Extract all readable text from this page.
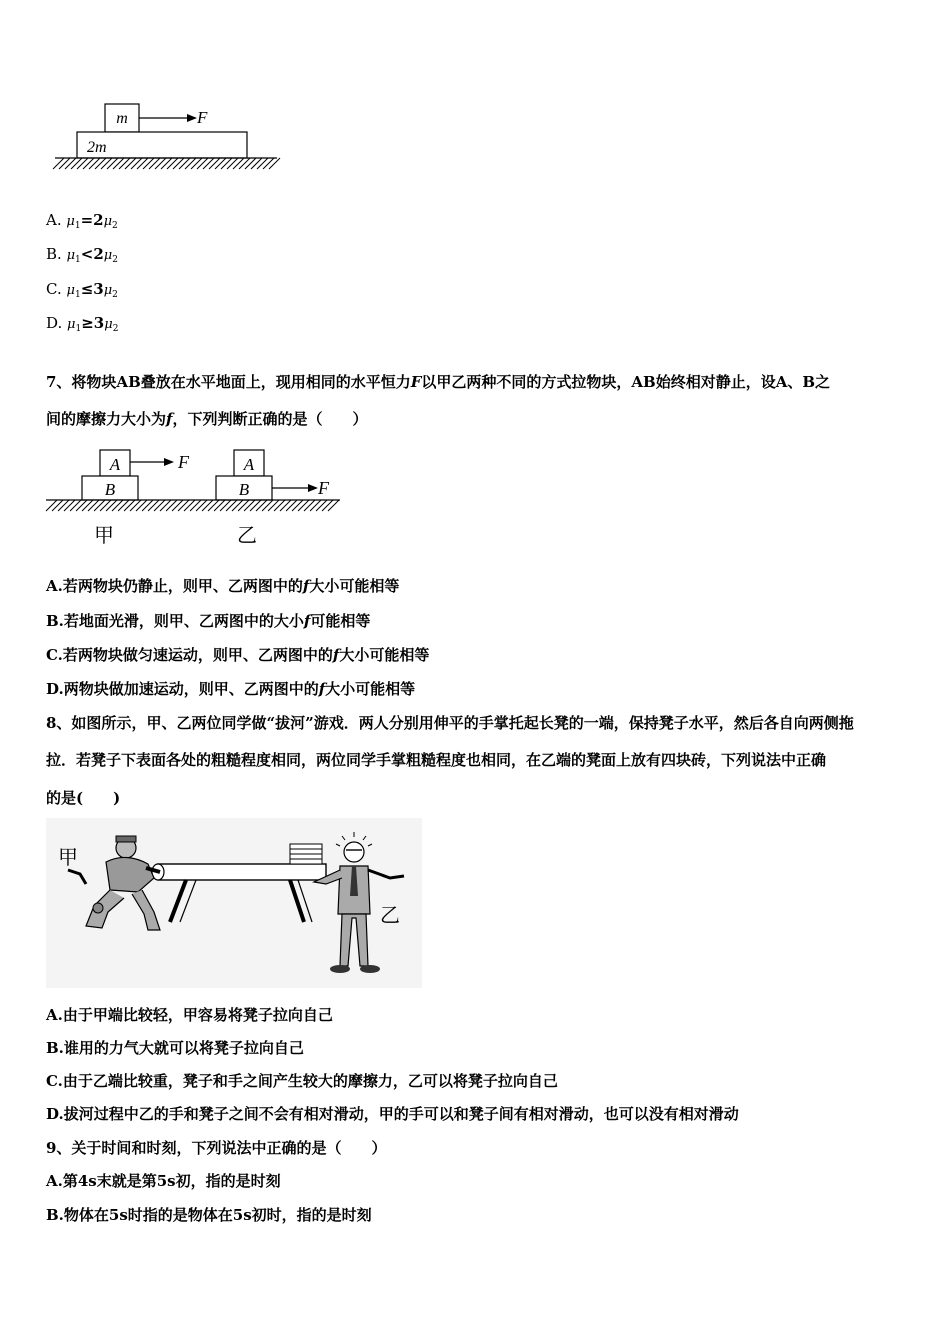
m	F
2m
A. $\mu_1=2\mu_2$
B. $\mu_1<2\mu_2$
C. $\mu_1\le 3\mu_2$
D. $\mu_1\ge 3\mu_2$
7、将物块AB叠放在水平地面上，现用相同的水平恒力F以甲乙两种不同的方式拉物块，AB始终相对静止，设A、B之
间的摩擦力大小为f，下列判断正确的是（　　）
A	F
B
A
B	F
甲	乙
A.若两物块仍静止，则甲、乙两图中的f大小可能相等
B.若地面光滑，则甲、乙两图中的大小f可能相等
C.若两物块做匀速运动，则甲、乙两图中的f大小可能相等
D.两物块做加速运动，则甲、乙两图中的f大小可能相等
8、如图所示，甲、乙两位同学做“拔河”游戏．两人分别用伸平的手掌托起长凳的一端，保持凳子水平，然后各自向两侧拖
拉．若凳子下表面各处的粗糙程度相同，两位同学手掌粗糙程度也相同，在乙端的凳面上放有四块砖，下列说法中正确
的是(　　)
甲
乙
A.由于甲端比较轻，甲容易将凳子拉向自己
B.谁用的力气大就可以将凳子拉向自己
C.由于乙端比较重，凳子和手之间产生较大的摩擦力，乙可以将凳子拉向自己
D.拔河过程中乙的手和凳子之间不会有相对滑动，甲的手可以和凳子间有相对滑动，也可以没有相对滑动
9、关于时间和时刻，下列说法中正确的是（　　）
A.第4s末就是第5s初，指的是时刻
B.物体在5s时指的是物体在5s初时，指的是时刻
